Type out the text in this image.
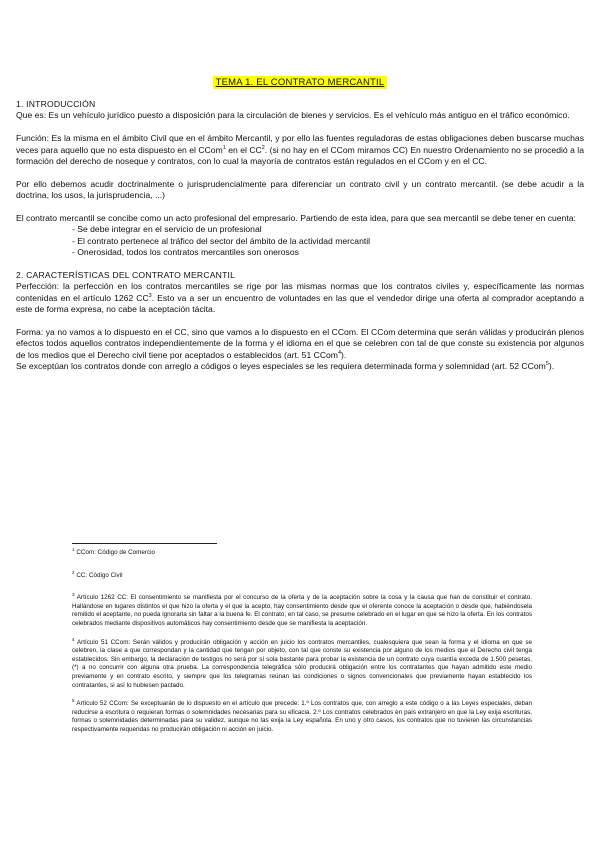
TEMA 1. EL CONTRATO MERCANTIL

1. INTRODUCCIÓN

Que es: Es un vehículo jurídico puesto a disposición para la circulación de bienes y servicios. Es el vehículo más antiguo en el tráfico económico.

Función: Es la misma en el ámbito Civil que en el ámbito Mercantil, y por ello las fuentes reguladoras de estas obligaciones deben buscarse muchas veces para aquello que no esta dispuesto en el CCom$^1$ en el $CC^2$. (si no hay en el CCom miramos CC) En nuestro Ordenamiento no se procedió a la formación del derecho de noseque y contratos, con lo cual la mayoría de contratos están regulados en el CCom y en el CC.

Por ello debemos acudir doctrinalmente o jurisprudencialmente para diferenciar un contrato civil y un contrato mercantil. (se debe acudir a la doctrina, los usos, la jurisprudencia, ...)

El contrato mercantil se concibe como un acto profesional del empresario. Partiendo de esta idea, para que sea mercantil se debe tener en cuenta:

- Se debe integrar en el servicio de un profesional
- El contrato pertenece al tráfico del sector del ámbito de la actividad mercantil
- Onerosidad, todos los contratos mercantiles son onerosos

2. CARACTERÍSTICAS DEL CONTRATO MERCANTIL

Perfección: la perfección en los contratos mercantiles se rige por las mismas normas que los contratos civiles y, específicamente las normas contenidas en el artículo 1262 $CC^3$. Esto va a ser un encuentro de voluntades en las que el vendedor dirige una oferta al comprador aceptando a este de forma expresa, no cabe la aceptación tácita.

Forma: ya no vamos a lo dispuesto en el CC, sino que vamos a lo dispuesto en el CCom. El CCom determina que serán válidas y producirán plenos efectos todos aquellos contratos independientemente de la forma y el idioma en el que se celebren con tal de que conste su existencia por algunos de los medios que el Derecho civil tiene por aceptados o establecidos (art. 51 CCom$^4$).

Se exceptúan los contratos donde con arreglo a códigos o leyes especiales se les requiera determinada forma y solemnidad (art. 52 CCom$^5$).

$^1$ CCom: Código de Comercio

$^2$ CC: Código Civil

$^3$ Artículo 1262 CC: El consentimiento se manifiesta por el concurso de la oferta y de la aceptación sobre la cosa y la causa que han de constituir el contrato. Hallándose en lugares distintos el que hizo la oferta y el que la acepto, hay consentimiento desde que el oferente conoce la aceptación o desde que, habiéndosela remitido el aceptante, no pueda ignorarla sin faltar a la buena fe. El contrato, en tal caso, se presume celebrado en el lugar en que se hizo la oferta. En los contratos celebrados mediante dispositivos automáticos hay consentimiento desde que se manifiesta la aceptación.

$^4$ Artículo 51 CCom: Serán válidos y producirán obligación y acción en juicio los contratos mercantiles, cualesquiera que sean la forma y el idioma en que se celebren, la clase a que correspondan y la cantidad que tengan por objeto, con tal que conste su existencia por alguno de los medios que el Derecho civil tenga establecidos. Sin embargo, la declaración de testigos no será por sí sola bastante para probar la existencia de un contrato cuya cuantía exceda de 1.500 pesetas, (*) a no concurrir con alguna otra prueba. La correspondencia telegráfica sólo producirá obligación entre los contratantes que hayan admitido este medio previamente y en contrato escrito, y siempre que los telegramas reúnan las condiciones o signos convencionales que previamente hayan establecido los contratantes, si así lo hubiesen pactado.

$^5$ Artículo 52 CCom: Se exceptuarán de lo dispuesto en el artículo que precede: 1.º Los contratos que, con arreglo a este código o a las Leyes especiales, deban reducirse a escritura o requieran formas o solemnidades necesarias para su eficacia. 2.º Los contratos celebrados en país extranjero en que la Ley exija escrituras, formas o solemnidades determinadas para su validez, aunque no las exija la Ley española. En uno y otro casos, los contratos que no tuvieren las circunstancias respectivamente requeridas no producirán obligación ni acción en juicio.
